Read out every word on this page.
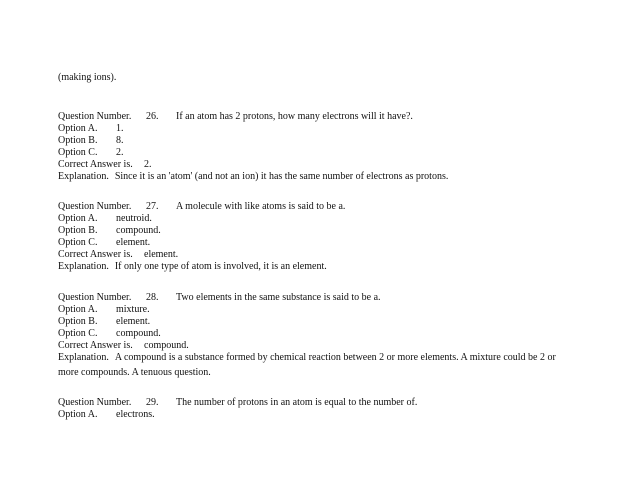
(making ions).
Question Number. 26. If an atom has 2 protons, how many electrons will it have?.
Option A. 1.
Option B. 8.
Option C. 2.
Correct Answer is. 2.
Explanation. Since it is an 'atom' (and not an ion) it has the same number of electrons as protons.
Question Number. 27. A molecule with like atoms is said to be a.
Option A. neutroid.
Option B. compound.
Option C. element.
Correct Answer is. element.
Explanation. If only one type of atom is involved, it is an element.
Question Number. 28. Two elements in the same substance is said to be a.
Option A. mixture.
Option B. element.
Option C. compound.
Correct Answer is. compound.
Explanation. A compound is a substance formed by chemical reaction between 2 or more elements. A mixture could be 2 or more compounds. A tenuous question.
Question Number. 29. The number of protons in an atom is equal to the number of.
Option A. electrons.
